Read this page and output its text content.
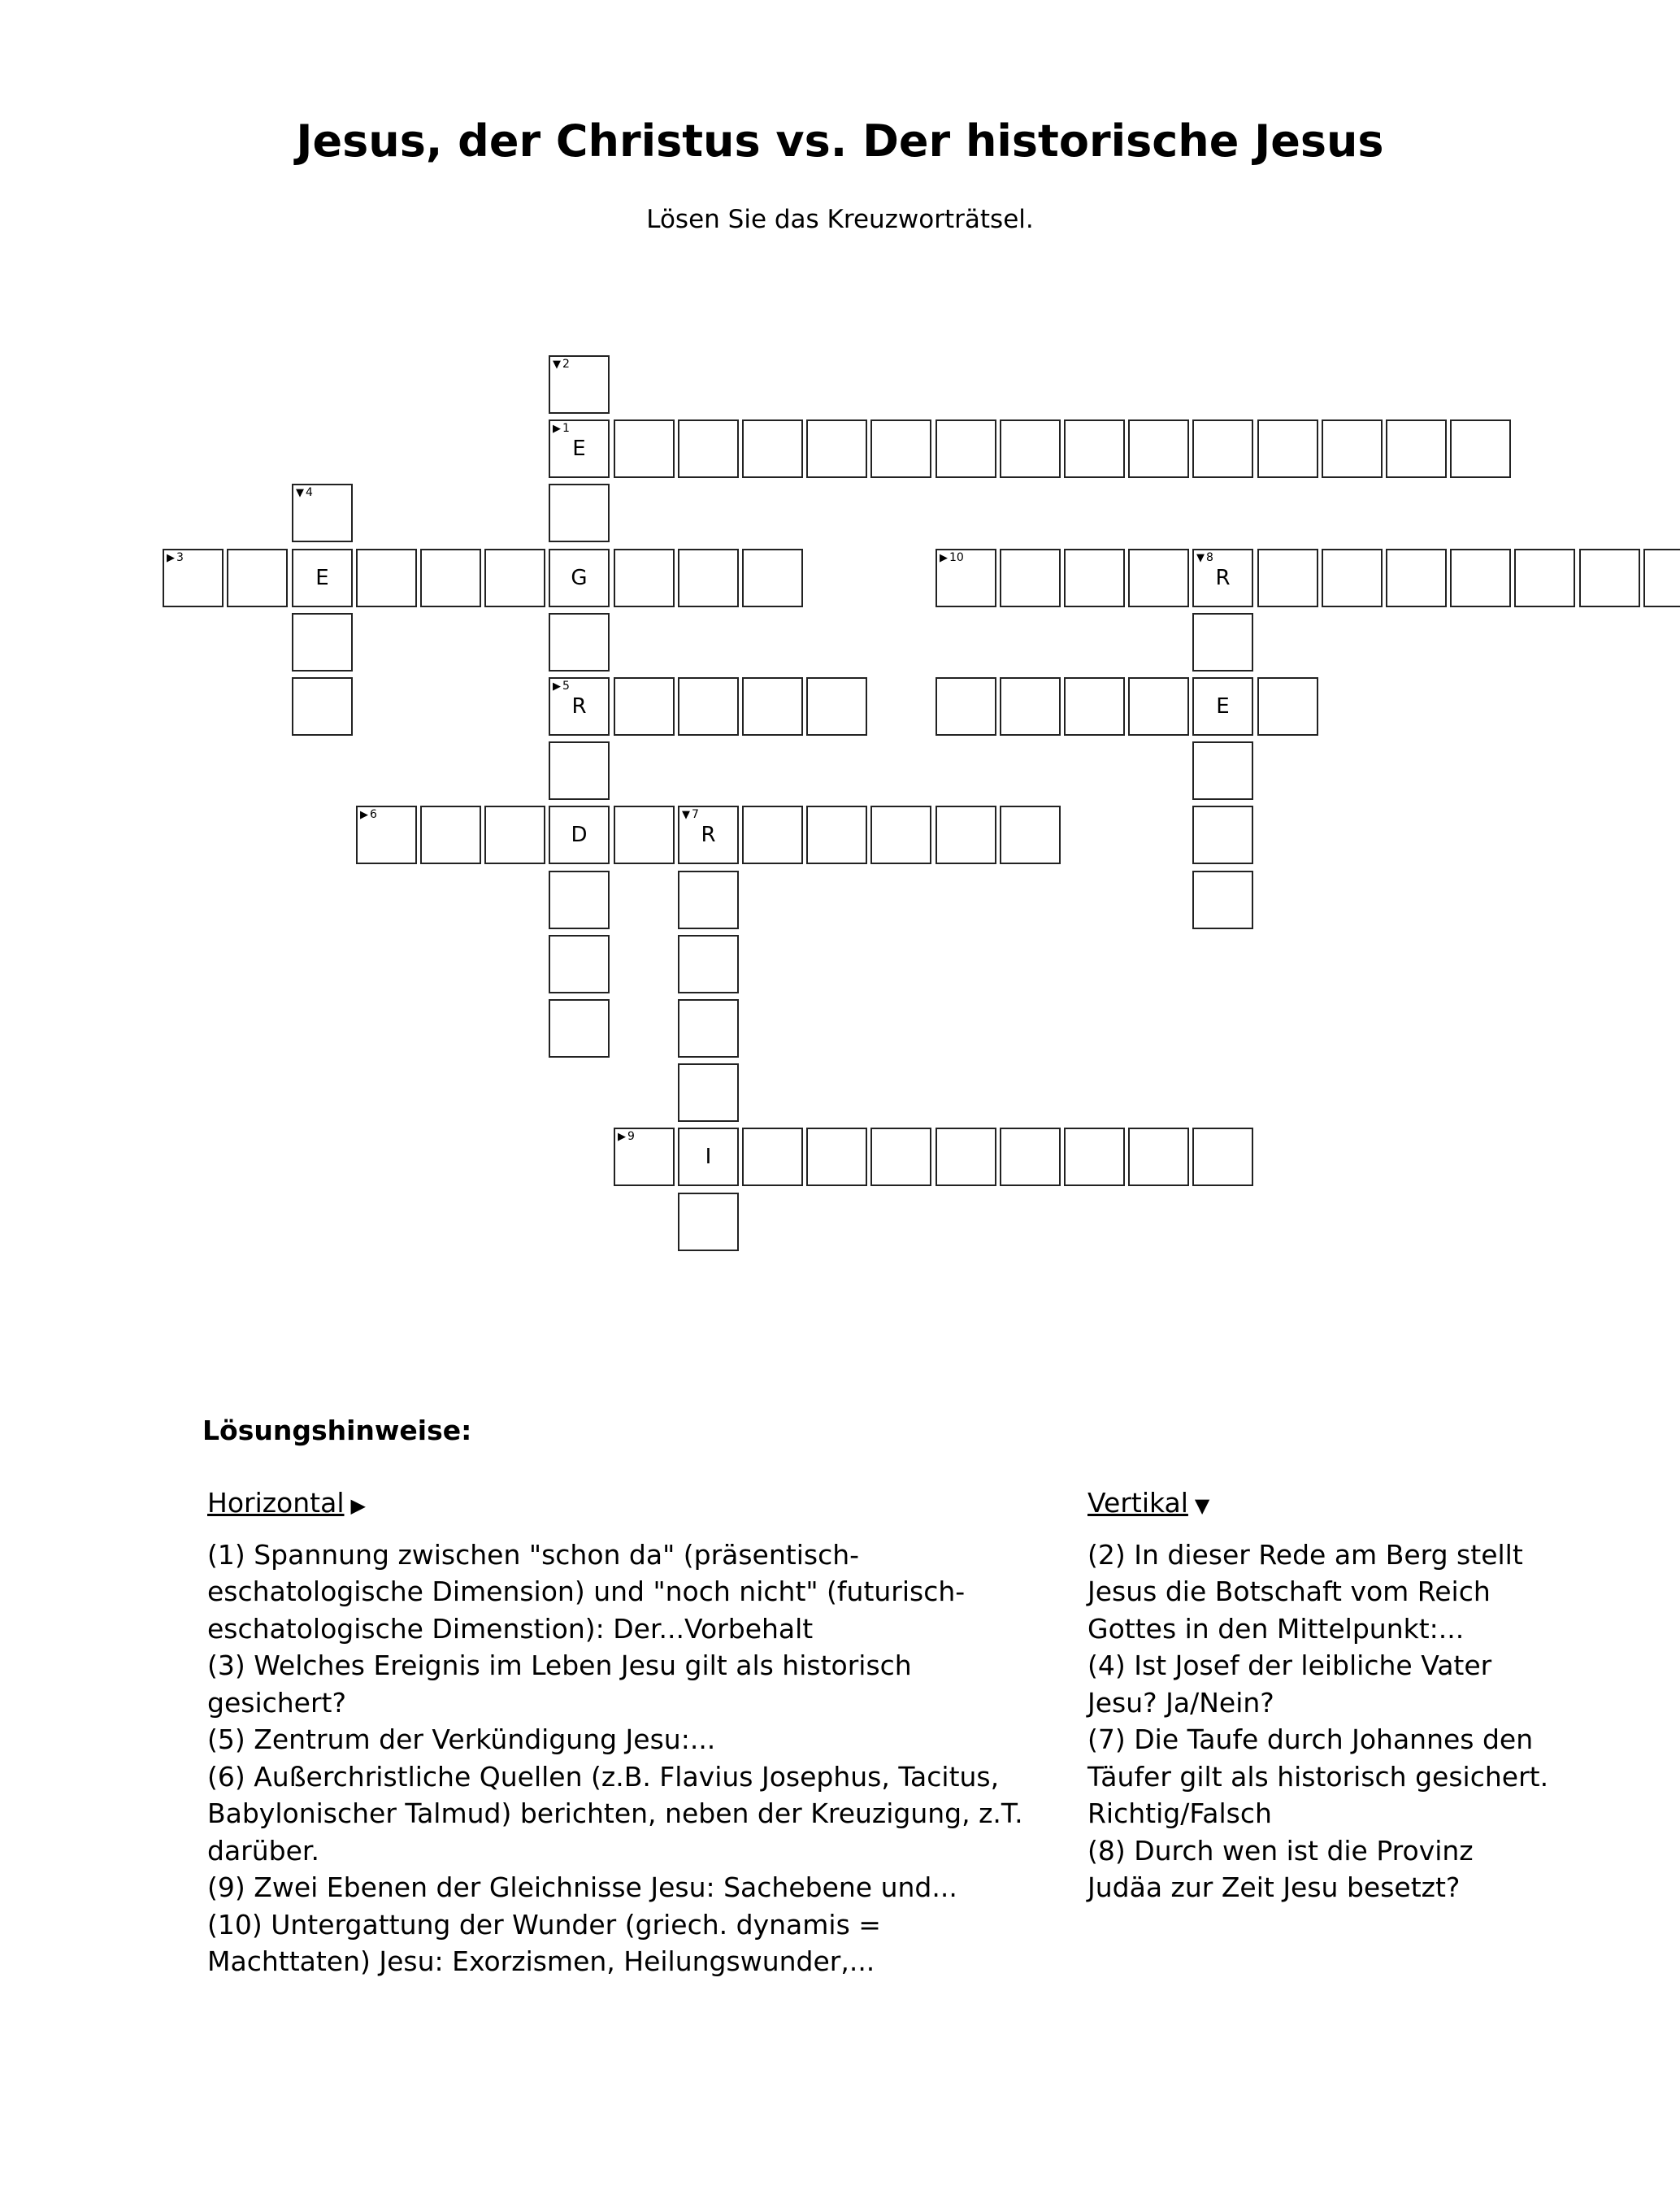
Jesus, der Christus vs. Der historische Jesus
Lösen Sie das Kreuzworträtsel.
▼ 2
▶ 1
E
▼ 4
▶ 3
E	G
▶ 10	▼ 8
R
▶ 5
R	E
▶ 6
D
▼ 7
R
▶ 9
I
Lösungshinweise:
Horizontal ▶
(1) Spannung zwischen "schon da" (präsentisch-
eschatologische Dimension) und "noch nicht" (futurisch-
eschatologische Dimenstion): Der...Vorbehalt
(3) Welches Ereignis im Leben Jesu gilt als historisch
gesichert?
(5) Zentrum der Verkündigung Jesu:...
(6) Außerchristliche Quellen (z.B. Flavius Josephus, Tacitus,
Babylonischer Talmud) berichten, neben der Kreuzigung, z.T.
darüber.
(9) Zwei Ebenen der Gleichnisse Jesu: Sachebene und...
(10) Untergattung der Wunder (griech. dynamis =
Machttaten) Jesu: Exorzismen, Heilungswunder,...
Vertikal ▼
(2) In dieser Rede am Berg stellt
Jesus die Botschaft vom Reich
Gottes in den Mittelpunkt:...
(4) Ist Josef der leibliche Vater
Jesu? Ja/Nein?
(7) Die Taufe durch Johannes den
Täufer gilt als historisch gesichert.
Richtig/Falsch
(8) Durch wen ist die Provinz
Judäa zur Zeit Jesu besetzt?
